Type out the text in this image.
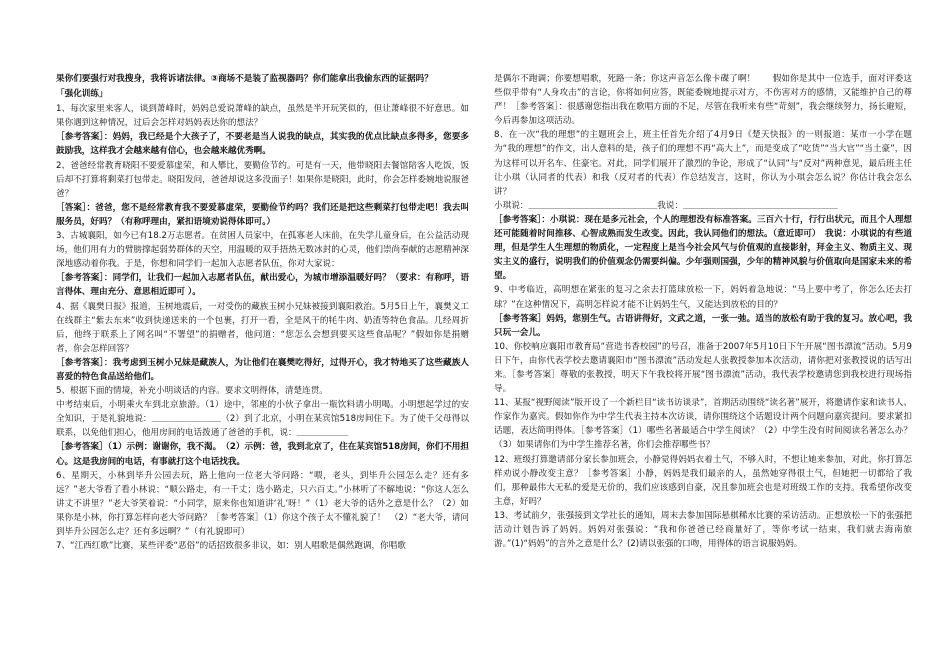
果你们要强行对我搜身，我将诉诸法律。③商场不是装了监视器吗？你们能拿出我偷东西的证据吗？

「强化训练」

1、每次家里来客人，谈到萧峰时，妈妈总爱说萧峰的缺点，虽然是半开玩笑似的，但让萧峰很不好意思。如果你遇到这种情况，过后会怎样对妈妈表达你的想法？

［参考答案］：妈妈，我已经是个大孩子了，不要老是当人说我的缺点，其实我的优点比缺点多得多，您要多鼓励我，这样我才会越来越有信心，也会越来越优秀啊。

2、爸爸经常教育晓阳不要爱慕虚荣，和人攀比，要勤俭节约。可是有一天，他带晓阳去餐馆陪客人吃饭，饭后却不打算将剩菜打包带走。晓阳发问，爸爸却说这多没面子！如果你是晓阳，此时，你会怎样委婉地说服爸爸？

［答案］：爸爸，您不是经常教育我不要爱慕虚荣，要勤俭节约吗？我们还是把这些剩菜打包带走吧！我去叫服务员，好吗？（有称呼理由，紧扣语境劝说得体即可。）

3、古城襄阳，如今已有18.2万志愿者。在贫困人员家中，在孤寡老人床前，在失学儿童身后，在公益活动现场，他们用有力的臂膀撑起弱势群体的天空，用温暖的双手捂热无数冰封的心灵，他们崇尚奉献的志愿精神深深地感动着你我。于是，你想和同学们一起加入志愿者队伍，你对大家说：

［参考答案］：同学们，让我们一起加入志愿者队伍，献出爱心，为城市增添温暖好吗？（要求：有称呼，语言得体、理由充分、意思相近即可 ）。

4、据《襄樊日报》报道，玉树地震后，一对受伤的藏族玉树小兄妹被接到襄阳救治。5月5日上午，襄樊义工在线群主“紫去东来”收到快递送来的一个包裹，打开一看，全是风干的牦牛肉、奶渣等特色食品。几经周折后，他终于联系上了网名叫“不署望”的捐赠者，他问道：“您怎么会想到要买这些食品呢？”假如你是捐赠者，你会怎样回答？

［参考答案］：我考虑到玉树小兄妹是藏族人，为让他们在襄樊吃得好，过得开心，我才特地买了这些藏族人喜爱的特色食品送给他们。

5、根据下面的情境，补充小明谈话的内容。要求文明得体，清楚连贯。

中考结束后，小明乘火车到北京旅游。（1）途中，邻座的小伙子拿出一瓶饮料请小明喝。小明想起学过的安全知识，于是礼貌地说：＿＿＿＿＿＿＿＿（2）到了北京，小明在某宾馆518房间住下。为了使千父母得以联系，以免他们担心，他用房间的电话拨通了爸爸的手机，说：＿＿＿＿＿＿

［参考答案］（1）示例：谢谢你，我不渴。　（2）示例：爸，我到北京了，住在某宾馆518房间，你们不用担心。这是我房间的电话，有事就打这个电话找我。

6、星期天，小林到毕升公园去玩，路上他向一位老大爷问路：“喂，老头，到毕升公园怎么走？还有多远？”老大爷看了看小林说：“顺公路走，有一千丈；选小路走，只六百丈。”小林听了不解地说：“你这人怎么讲丈不讲里？”老大爷笑着说：“小同学，原来你也知道讲‘礼’呀！”（1）老大爷的话外之意是什么？（2）如果你是小林，你打算怎样向老大爷问路？［参考答案］（1）你这个孩子太不懂礼貌了！　（2）“老大爷，请问到毕升公园怎么走？还有多远啊？”（有礼貌即可）

7、“江西红歌”比赛，某些评委“恶俗”的话招致很多非议，如：别人唱歌是偶然跑调，你唱歌

是偶尔不跑调；你要想唱歌，死路一条；你这声音怎么像卡碟了啊！　　假如你是其中一位选手，面对评委这些似乎带有“人身攻击”的言论，你将如何应答，既能委婉地提示对方，不伤害对方的感情，又能维护自己的尊严！［参考答案］：很感谢您指出我在歌唱方面的不足，尽管在我听来有些“苛刻”，我会继续努力，扬长避短，今后再参加这项活动。

8、在一次“我的理想”的主题班会上，班主任首先介绍了4月9日《楚天快报》的一则报道：某市一小学在题为“我的理想”的作文，出人意料的是，孩子们的理想不再“高大上”，而是变成了“吃货”“当大官”“当土豪”，因为这样可以开名车、住豪宅。对此，同学们展开了激烈的争论，形成了“认同”与“反对”两种意见，最后班主任让小琪（认同者的代表）和我（反对者的代表）作总结发言，这时，你认为小琪会怎么说？你估计我会怎么讲？

小琪说：＿＿＿＿＿＿＿＿＿＿＿＿＿＿＿我说：＿＿＿＿＿＿＿＿＿＿＿＿＿＿＿＿＿＿

［参考答案］：小琪说：现在是多元社会，个人的理想没有标准答案。三百六十行，行行出状元，而且个人理想还可能随着时间推移、心智成熟而发生改变。因此，我认同他们的想法。（意近即可）　我说：小琪说的有些道理，但是学生人生理想的物质化，一定程度上是当今社会风气与价值观的直接影射，拜金主义、物质主义、现实主义的盛行，说明我们的价值观念仍需要纠偏。少年强则国强，少年的精神风貌与价值取向是国家未来的希望。

9、中考临近，高明想在紧张的复习之余去打篮球放松一下，妈妈着急地说：“马上要中考了，你怎么还去打球？”在这种情况下，高明怎样说才能不让妈妈生气，又能达到放松的目的？

［参考答案］妈妈，您别生气。古语讲得好，文武之道，一张一弛。适当的放松有助于我的复习。放心吧，我只玩一会儿。

10、你校响应襄阳市教育局“营造书香校园”的号召，准备于2007年5月10日下午开展“图书漂流”活动。5月9日下午，由你代表学校去邀请襄阳市“图书漂流”活动发起人张教授参加本次活动，请你把对张教授说的话写出来。［参考答案］尊敬的张教授，明天下午我校将开展“图书漂流”活动，我代表学校邀请您到我校进行现场指导。

11、某报“视野阅读”版开设了一个新栏目“读书访谈录”，首期活动围绕“读名著”展开，将邀请作家和读书人、作家作为嘉宾。假如你作为中学生代表主持本次访谈，请你围绕这个话题设计两个问题向嘉宾提问。要求紧扣话题，表达简明得体。［参考答案］（1）哪些名著最适合中学生阅读？（2）中学生没有时间阅读名著怎么办？（3）如果请你们为中学生推荐名著，你们会推荐哪些书？

12、班级打算邀请部分家长参加班会，小静觉得妈妈衣着土气，不够入时，不想让她来参加，对此，你打算怎样劝说小静改变主意？［参考答案］小静，妈妈是我们最亲的人，虽然她穿得很土气，但她把一切都给了我们，那种最伟大无私的爱是无价的，我们应该感到自豪，况且参加班会也是对班级工作的支持。我希望你改变主意，好吗？

13、考试前夕，张强接到文学社长的通知，周末去参加国际悬棋稀水比赛的采访活动。正想放松一下的张强把活动计划告诉了妈妈。妈妈对张强说：“我和你爸爸已经商量好了，等你考试一结束，我们就去海南旅游。”(1)“妈妈”的言外之意是什么？(2)请以张强的口吻，用得体的语言说服妈妈。
